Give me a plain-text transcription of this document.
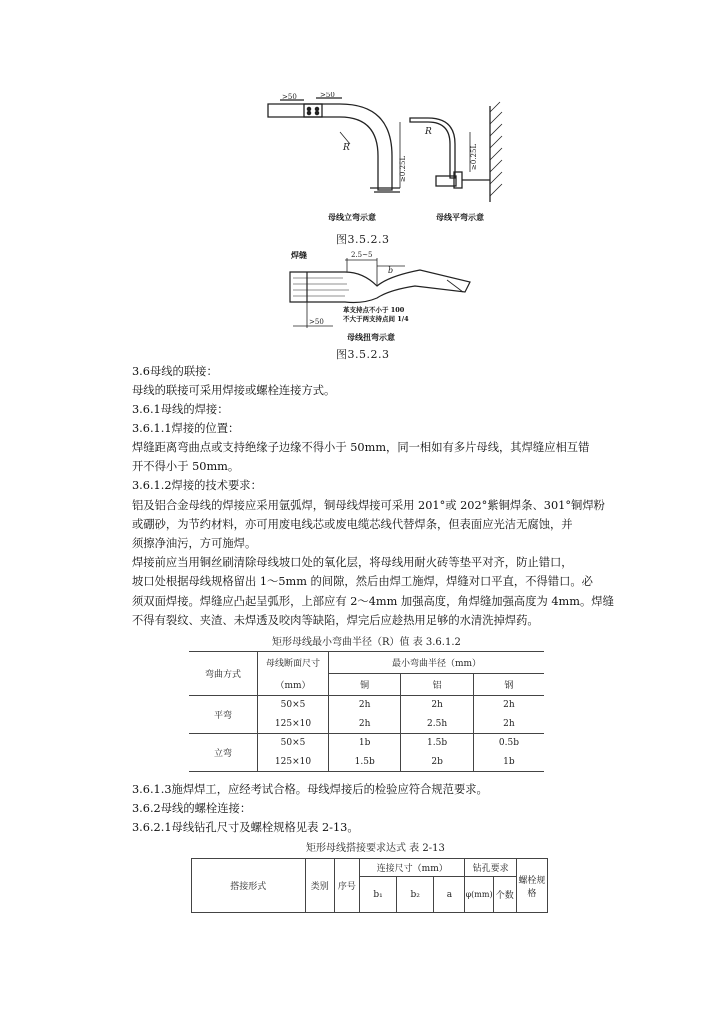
>50	>50
R
≥0.25L
R
≥0.25L
母线立弯示意	母线平弯示意
图3.5.2.3
焊缝	2.5~5
b
>50
革支持点不小于 100
不大于两支持点间 1/4
母线扭弯示意
图3.5.2.3
3.6母线的联接：
母线的联接可采用焊接或螺栓连接方式。
3.6.1母线的焊接：
3.6.1.1焊接的位置：
焊缝距离弯曲点或支持绝缘子边缘不得小于 50mm，同一相如有多片母线，其焊缝应相互错
开不得小于 50mm。
3.6.1.2焊接的技术要求：
铝及铝合金母线的焊接应采用氩弧焊，铜母线焊接可采用 201°或 202°紫铜焊条、301°铜焊粉
或硼砂，为节约材料，亦可用废电线芯或废电缆芯线代替焊条，但表面应光洁无腐蚀，并
须擦净油污，方可施焊。
焊接前应当用铜丝刷清除母线坡口处的氧化层，将母线用耐火砖等垫平对齐，防止错口，
坡口处根据母线规格留出 1～5mm 的间隙，然后由焊工施焊，焊缝对口平直，不得错口。必
须双面焊接。焊缝应凸起呈弧形，上部应有 2～4mm 加强高度，角焊缝加强高度为 4mm。焊缝
不得有裂纹、夹渣、未焊透及咬肉等缺陷，焊完后应趁热用足够的水清洗掉焊药。
矩形母线最小弯曲半径（R）值 表 3.6.1.2
弯曲方式	母线断面尺寸	最小弯曲半径（mm）		
	（mm）	铜	铝	钢
平弯	50×5	2h	2h	2h
	125×10	2h	2.5h	2h
立弯	50×5	1b	1.5b	0.5b
	125×10	1.5b	2b	1b
3.6.1.3施焊焊工，应经考试合格。母线焊接后的检验应符合规范要求。
3.6.2母线的螺栓连接：
3.6.2.1母线钻孔尺寸及螺栓规格见表 2-13。
矩形母线搭接要求达式 表 2-13
搭接形式	类别	序号	连接尺寸（mm）			钻孔要求		螺栓规格
			b₁	b₂	a	φ(mm)	个数	
